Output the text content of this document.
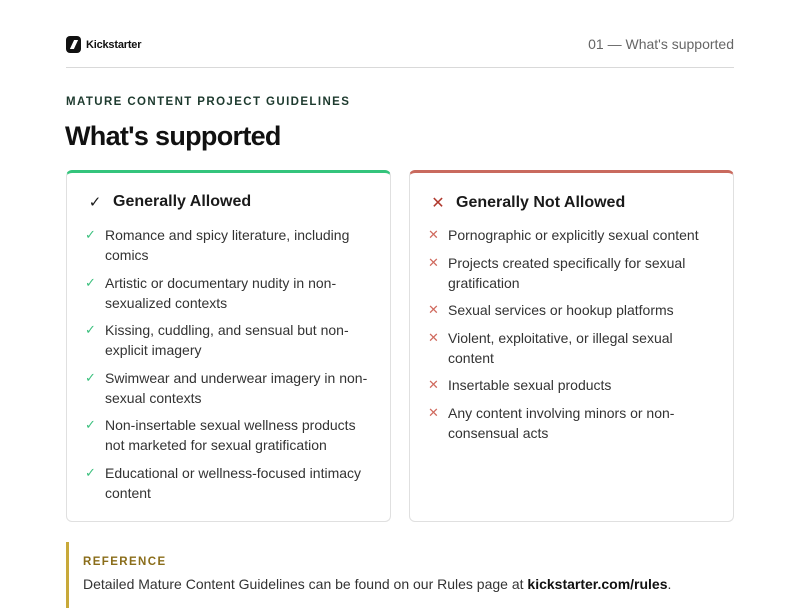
Kickstarter	01 — What's supported
MATURE CONTENT PROJECT GUIDELINES
What's supported
✓ Generally Allowed
✓ Romance and spicy literature, including comics
✓ Artistic or documentary nudity in non-sexualized contexts
✓ Kissing, cuddling, and sensual but non-explicit imagery
✓ Swimwear and underwear imagery in non-sexual contexts
✓ Non-insertable sexual wellness products not marketed for sexual gratification
✓ Educational or wellness-focused intimacy content
✕ Generally Not Allowed
✕ Pornographic or explicitly sexual content
✕ Projects created specifically for sexual gratification
✕ Sexual services or hookup platforms
✕ Violent, exploitative, or illegal sexual content
✕ Insertable sexual products
✕ Any content involving minors or non-consensual acts
REFERENCE
Detailed Mature Content Guidelines can be found on our Rules page at kickstarter.com/rules.
